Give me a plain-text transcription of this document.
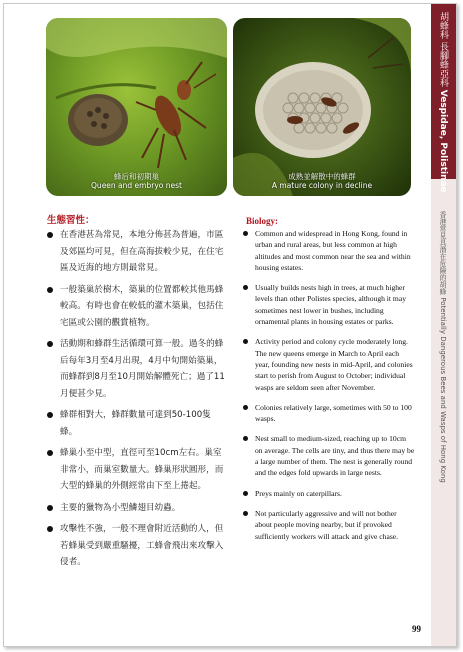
蜂后和初期巢
Queen and embryo nest
成熟並解散中的蜂群
A mature colony in decline
胡蜂科 長腳蜂亞科 Vespidae, Polistinae
香港常見具潛在危險的胡蜂 Potentially Dangerous Bees and Wasps of Hong Kong
生態習性：
在香港甚為常見，本地分佈甚為普遍，市區及郊區均可見，但在高海拔較少見，在住宅區及近海的地方則最常見。
一般築巢於樹木，築巢的位置都較其他馬蜂較高。有時也會在較低的灌木築巢，包括住宅區或公園的觀賞植物。
活動期和蜂群生活循環可算一般。過冬的蜂后每年3月至4月出現，4月中旬開始築巢，而蜂群到8月至10月開始解體死亡；過了11月便甚少見。
蜂群相對大，蜂群數量可達到50-100隻蜂。
蜂巢小至中型，直徑可至10cm左右。巢室非常小，而巢室數量大。蜂巢形狀圓形，而大型的蜂巢的外側經常由下至上捲起。
主要的獵物為小型鱗翅目幼蟲。
攻擊性不強，一般不理會附近活動的人，但若蜂巢受到嚴重騷擾，工蜂會飛出來攻擊入侵者。
Biology:
Common and widespread in Hong Kong, found in urban and rural areas, but less common at high altitudes and most common near the sea and within housing estates.
Usually builds nests high in trees, at much higher levels than other Polistes species, although it may sometimes nest lower in bushes, including ornamental plants in housing estates or parks.
Activity period and colony cycle moderately long. The new queens emerge in March to April each year, founding new nests in mid-April, and colonies start to perish from August to October; individual wasps are seldom seen after November.
Colonies relatively large, sometimes with 50 to 100 wasps.
Nest small to medium-sized, reaching up to 10cm on average. The cells are tiny, and thus there may be a large number of them. The nest is generally round and the edges fold upwards in large nests.
Preys mainly on caterpillars.
Not particularly aggressive and will not bother about people moving nearby, but if provoked sufficiently workers will attack and give chase.
99
